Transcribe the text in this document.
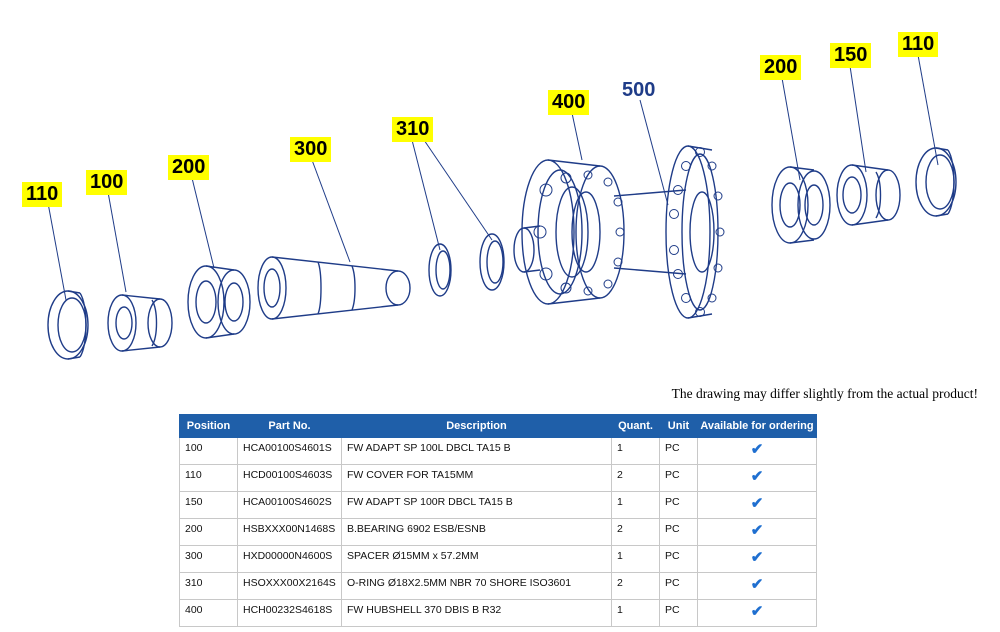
110
100
200
300
310
400
500
200
150 110
The drawing may differ slightly from the actual product!
Position	Part No.	Description	Quant.	Unit	Available for ordering
100	HCA00100S4601S	FW ADAPT SP 100L DBCL TA15 B	1	PC	✔
110	HCD00100S4603S	FW COVER FOR TA15MM	2	PC	✔
150	HCA00100S4602S	FW ADAPT SP 100R DBCL TA15 B	1	PC	✔
200	HSBXXX00N1468S	B.BEARING 6902 ESB/ESNB	2	PC	✔
300	HXD00000N4600S	SPACER Ø15MM x 57.2MM	1	PC	✔
310	HSOXXX00X2164S	O-RING Ø18X2.5MM NBR 70 SHORE ISO3601	2	PC	✔
400	HCH00232S4618S	FW HUBSHELL 370 DBIS B R32	1	PC	✔
